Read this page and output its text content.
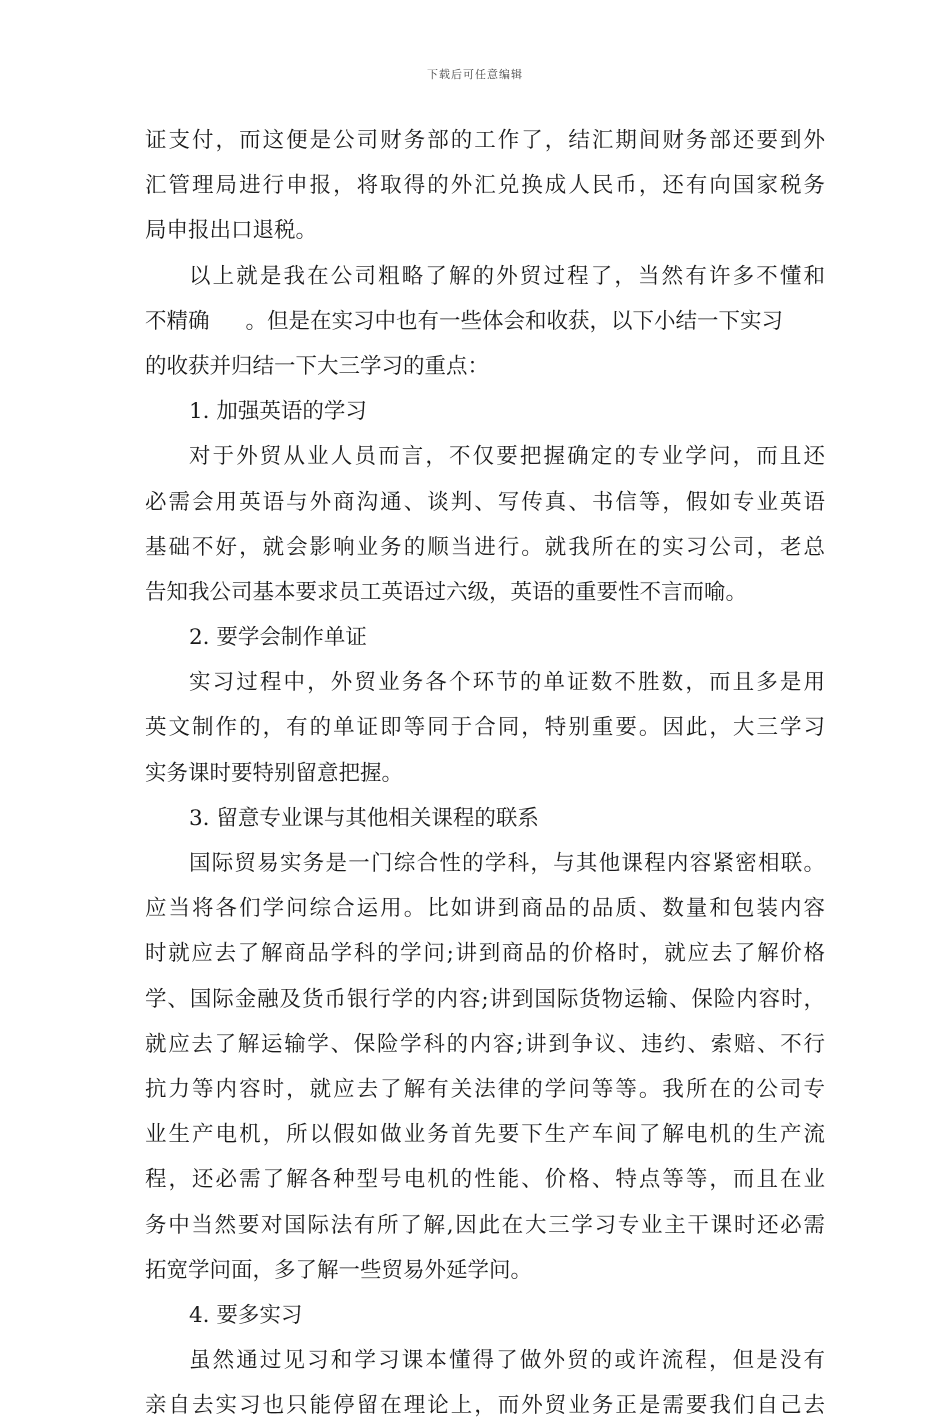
下载后可任意编辑
证支付，而这便是公司财务部的工作了，结汇期间财务部还要到外
汇管理局进行申报，将取得的外汇兑换成人民币，还有向国家税务
局申报出口退税。
以上就是我在公司粗略了解的外贸过程了，当然有许多不懂和
不精确 。但是在实习中也有一些体会和收获，以下小结一下实习
的收获并归结一下大三学习的重点：
1. 加强英语的学习
对于外贸从业人员而言，不仅要把握确定的专业学问，而且还
必需会用英语与外商沟通、谈判、写传真、书信等，假如专业英语
基础不好，就会影响业务的顺当进行。就我所在的实习公司，老总
告知我公司基本要求员工英语过六级，英语的重要性不言而喻。
2. 要学会制作单证
实习过程中，外贸业务各个环节的单证数不胜数，而且多是用
英文制作的，有的单证即等同于合同，特别重要。因此，大三学习
实务课时要特别留意把握。
3. 留意专业课与其他相关课程的联系
国际贸易实务是一门综合性的学科，与其他课程内容紧密相联。
应当将各们学问综合运用。比如讲到商品的品质、数量和包装内容
时就应去了解商品学科的学问;讲到商品的价格时，就应去了解价格
学、国际金融及货币银行学的内容;讲到国际货物运输、保险内容时，
就应去了解运输学、保险学科的内容;讲到争议、违约、索赔、不行
抗力等内容时，就应去了解有关法律的学问等等。我所在的公司专
业生产电机，所以假如做业务首先要下生产车间了解电机的生产流
程，还必需了解各种型号电机的性能、价格、特点等等，而且在业
务中当然要对国际法有所了解,因此在大三学习专业主干课时还必需
拓宽学问面，多了解一些贸易外延学问。
4. 要多实习
虽然通过见习和学习课本懂得了做外贸的或许流程，但是没有
亲自去实习也只能停留在理论上，而外贸业务正是需要我们自己去
